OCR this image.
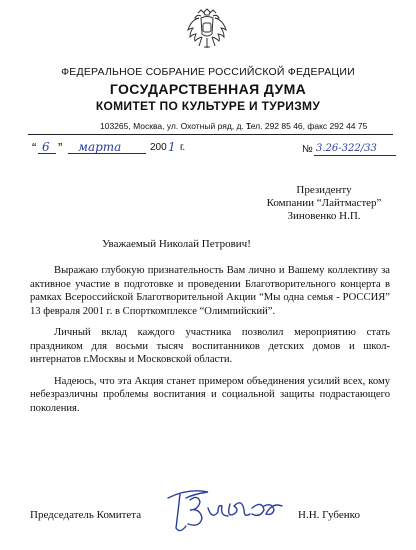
ФЕДЕРАЛЬНОЕ СОБРАНИЕ РОССИЙСКОЙ ФЕДЕРАЦИИ
ГОСУДАРСТВЕННАЯ ДУМА
КОМИТЕТ ПО КУЛЬТУРЕ И ТУРИЗМУ
103265, Москва, ул. Охотный ряд, д. 1
Тел. 292 85 46, факс 292 44 75
“ 6 ” марта	200 1 г.	№ 3.26-322/33
Президенту
Компании “Лайтмастер”
Зиновенко Н.П.
Уважаемый Николай Петрович!

Выражаю глубокую признательность Вам лично и Вашему коллективу за активное участие в подготовке и проведении Благотворительного концерта в рамках Всероссийской Благотворительной Акции “Мы одна семья - РОССИЯ” 13 февраля 2001 г. в Спорткомплексе “Олимпийский”.

Личный вклад каждого участника позволил мероприятию стать праздником для восьми тысяч воспитанников детских домов и школ-интернатов г.Москвы и Московской области.

Надеюсь, что эта Акция станет примером объединения усилий всех, кому небезразличны проблемы воспитания и социальной защиты подрастающего поколения.

Председатель Комитета	Н.Н. Губенко
